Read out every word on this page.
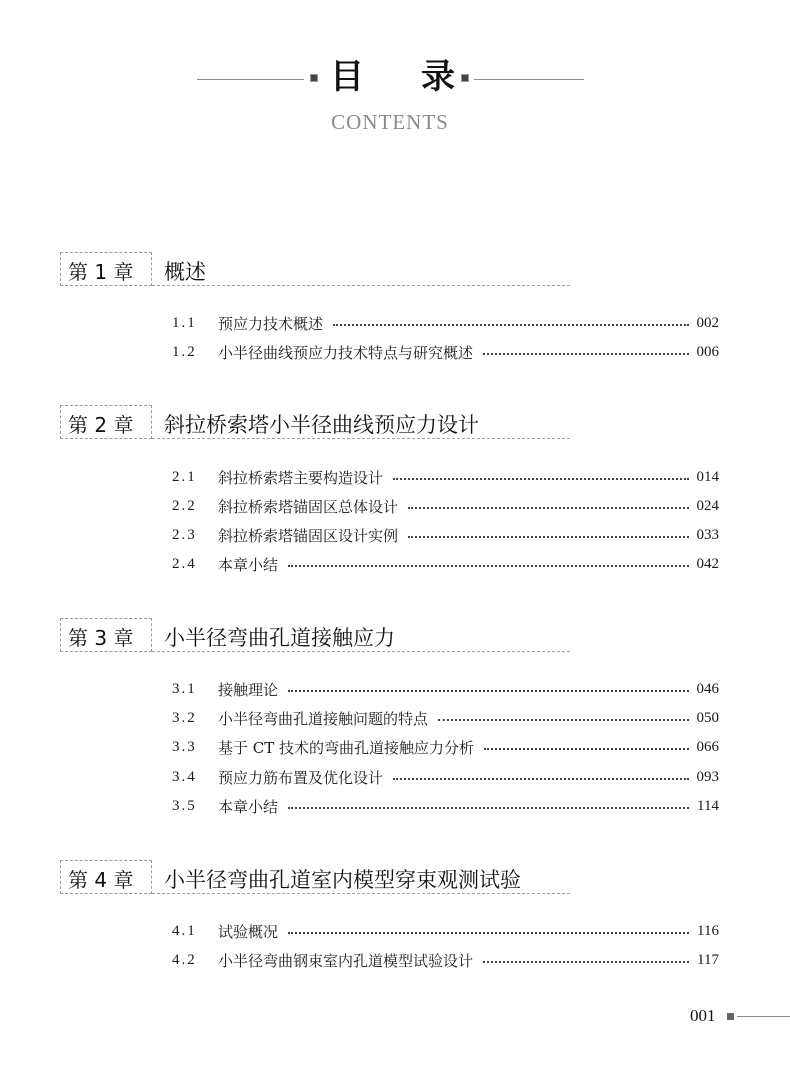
目 录
CONTENTS
第 1 章	概述
1.1	预应力技术概述	002
1.2	小半径曲线预应力技术特点与研究概述	006
第 2 章	斜拉桥索塔小半径曲线预应力设计
2.1	斜拉桥索塔主要构造设计	014
2.2	斜拉桥索塔锚固区总体设计	024
2.3	斜拉桥索塔锚固区设计实例	033
2.4	本章小结	042
第 3 章	小半径弯曲孔道接触应力
3.1	接触理论	046
3.2	小半径弯曲孔道接触问题的特点	050
3.3	基于 CT 技术的弯曲孔道接触应力分析	066
3.4	预应力筋布置及优化设计	093
3.5	本章小结	114
第 4 章	小半径弯曲孔道室内模型穿束观测试验
4.1	试验概况	116
4.2	小半径弯曲钢束室内孔道模型试验设计	117
001
